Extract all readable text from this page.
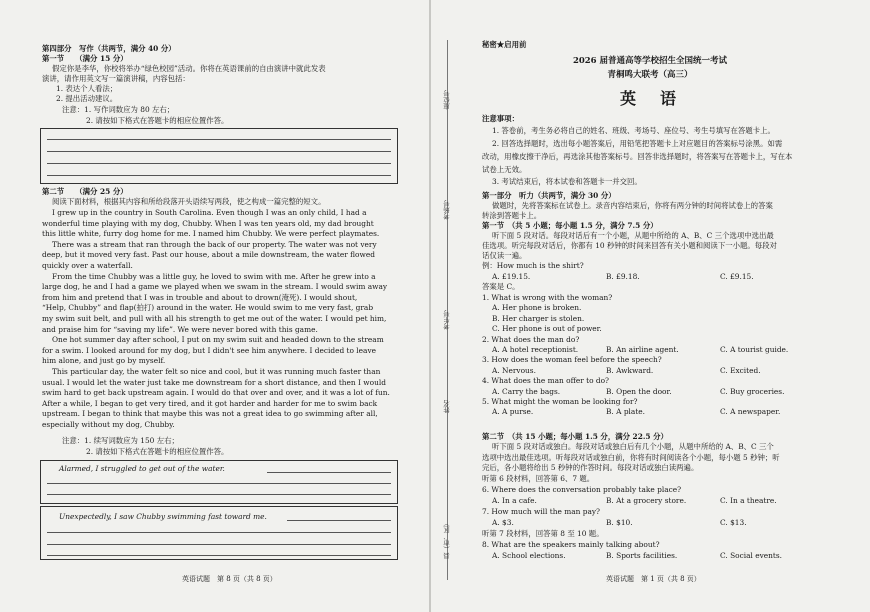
第四部分　写作（共两节，满分 40 分）
第一节　　（满分 15 分）
假定你是李华，你校将举办“绿色校园”活动。你将在英语课前的自由演讲中就此发表
演讲，请作用英文写一篇演讲稿，内容包括：
1. 表达个人看法；
2. 提出活动建议。
注意：1. 写作词数应为 80 左右；
2. 请按如下格式在答题卡的相应位置作答。
第二节　　（满分 25 分）
阅读下面材料，根据其内容和所给段落开头语续写两段，使之构成一篇完整的短文。
注意：1. 续写词数应为 150 左右；
2. 请按如下格式在答题卡的相应位置作答。
Alarmed, I struggled to get out of the water.
Unexpectedly, I saw Chubby swimming fast toward me.
英语试题　第 8 页（共 8 页）
I grew up in the country in South Carolina. Even though I was an only child, I had a
wonderful time playing with my dog, Chubby. When I was ten years old, my dad brought
this little white, furry dog home for me. I named him Chubby. We were perfect playmates.
There was a stream that ran through the back of our property. The water was not very
deep, but it moved very fast. Past our house, about a mile downstream, the water flowed
quickly over a waterfall.
From the time Chubby was a little guy, he loved to swim with me. After he grew into a
large dog, he and I had a game we played when we swam in the stream. I would swim away
from him and pretend that I was in trouble and about to drown(淹死). I would shout,
“Help, Chubby” and flap(拍打) around in the water. He would swim to me very fast, grab
my swim suit belt, and pull with all his strength to get me out of the water. I would pet him,
and praise him for “saving my life”. We were never bored with this game.
One hot summer day after school, I put on my swim suit and headed down to the stream
for a swim. I looked around for my dog, but I didn't see him anywhere. I decided to leave
him alone, and just go by myself.
This particular day, the water felt so nice and cool, but it was running much faster than
usual. I would let the water just take me downstream for a short distance, and then I would
swim hard to get back upstream again. I would do that over and over, and it was a lot of fun.
After a while, I began to get very tired, and it got harder and harder for me to swim back
upstream. I began to think that maybe this was not a great idea to go swimming after all,
especially without my dog, Chubby.
座位号
考场号
考生号
姓名
县（市、区）
秘密★启用前
2026 届普通高等学校招生全国统一考试
青桐鸣大联考（高三）
英　语
注意事项：
第一部分　听力（共两节，满分 30 分）
做题时，先将答案标在试卷上。录音内容结束后，你将有两分钟的时间将试卷上的答案
转涂到答题卡上。
第一节　（共 5 小题；每小题 1.5 分，满分 7.5 分）
例：How much is the shirt?
A. £19.15.	B. £9.18.	C. £9.15.
答案是 C。
第二节　（共 15 小题；每小题 1.5 分，满分 22.5 分）
听第 6 段材料，回答第 6、7 题。
6. Where does the conversation probably take place?
A. In a cafe.	B. At a grocery store.	C. In a theatre.
7. How much will the man pay?
A. $3.	B. $10.	C. $13.
听第 7 段材料，回答第 8 至 10 题。
8. What are the speakers mainly talking about?
A. School elections.	B. Sports facilities.	C. Social events.
英语试题　第 1 页（共 8 页）
1. 答卷前，考生务必将自己的姓名、班级、考场号、座位号、考生号填写在答题卡上。
2. 回答选择题时，选出每小题答案后，用铅笔把答题卡上对应题目的答案标号涂黑。如需
改动，用橡皮擦干净后，再选涂其他答案标号。回答非选择题时，将答案写在答题卡上，写在本
试卷上无效。
3. 考试结束后，将本试卷和答题卡一并交回。
听下面 5 段对话。每段对话后有一个小题，从题中所给的 A、B、C 三个选项中选出最
佳选项。听完每段对话后，你都有 10 秒钟的时间来回答有关小题和阅读下一小题。每段对
话仅读一遍。
听下面 5 段对话或独白。每段对话或独白后有几个小题，从题中所给的 A、B、C 三个
选项中选出最佳选项。听每段对话或独白前，你将有时间阅读各个小题，每小题 5 秒钟；听
完后，各小题将给出 5 秒钟的作答时间。每段对话或独白读两遍。
1. What is wrong with the woman?
A. Her phone is broken.
B. Her charger is stolen.
C. Her phone is out of power.
2. What does the man do?
A. A hotel receptionist.	B. An airline agent.	C. A tourist guide.
3. How does the woman feel before the speech?
A. Nervous.	B. Awkward.	C. Excited.
4. What does the man offer to do?
A. Carry the bags.	B. Open the door.	C. Buy groceries.
5. What might the woman be looking for?
A. A purse.	B. A plate.	C. A newspaper.
